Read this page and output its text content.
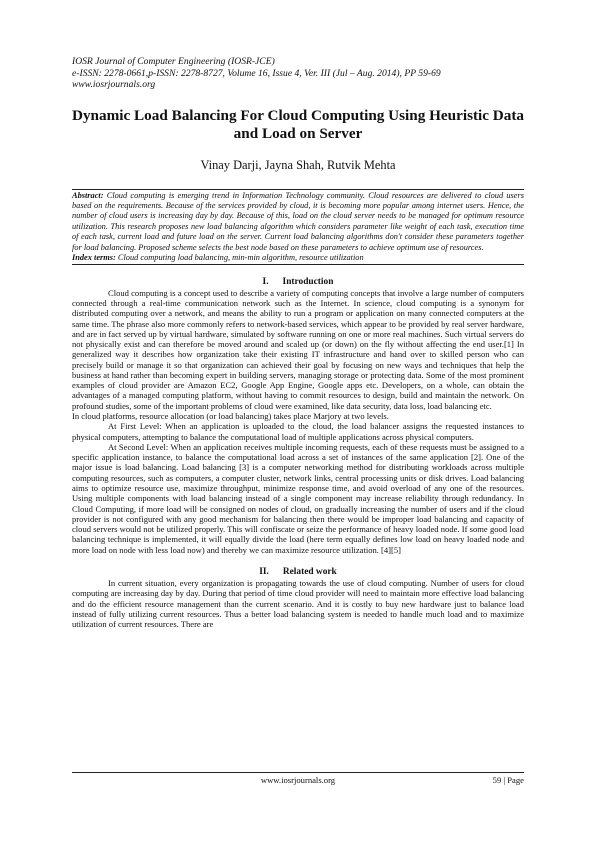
IOSR Journal of Computer Engineering (IOSR-JCE)
e-ISSN: 2278-0661,p-ISSN: 2278-8727, Volume 16, Issue 4, Ver. III (Jul – Aug. 2014), PP 59-69
www.iosrjournals.org
Dynamic Load Balancing For Cloud Computing Using Heuristic Data and Load on Server
Vinay Darji, Jayna Shah, Rutvik Mehta
Abstract: Cloud computing is emerging trend in Information Technology community. Cloud resources are delivered to cloud users based on the requirements. Because of the services provided by cloud, it is becoming more popular among internet users. Hence, the number of cloud users is increasing day by day. Because of this, load on the cloud server needs to be managed for optimum resource utilization. This research proposes new load balancing algorithm which considers parameter like weight of each task, execution time of each task, current load and future load on the server. Current load balancing algorithms don't consider these parameters together for load balancing. Proposed scheme selects the best node based on these parameters to achieve optimum use of resources.
Index terms: Cloud computing load balancing, min-min algorithm, resource utilization
I. Introduction

Cloud computing is a concept used to describe a variety of computing concepts that involve a large number of computers connected through a real-time communication network such as the Internet. In science, cloud computing is a synonym for distributed computing over a network, and means the ability to run a program or application on many connected computers at the same time. The phrase also more commonly refers to network-based services, which appear to be provided by real server hardware, and are in fact served up by virtual hardware, simulated by software running on one or more real machines. Such virtual servers do not physically exist and can therefore be moved around and scaled up (or down) on the fly without affecting the end user.[1] In generalized way it describes how organization take their existing IT infrastructure and hand over to skilled person who can precisely build or manage it so that organization can achieved their goal by focusing on new ways and techniques that help the business at hand rather than becoming expert in building servers, managing storage or protecting data. Some of the most prominent examples of cloud provider are Amazon EC2, Google App Engine, Google apps etc. Developers, on a whole, can obtain the advantages of a managed computing platform, without having to commit resources to design, build and maintain the network. On profound studies, some of the important problems of cloud were examined, like data security, data loss, load balancing etc.

In cloud platforms, resource allocation (or load balancing) takes place Marjory at two levels.

At First Level: When an application is uploaded to the cloud, the load balancer assigns the requested instances to physical computers, attempting to balance the computational load of multiple applications across physical computers.

At Second Level: When an application receives multiple incoming requests, each of these requests must be assigned to a specific application instance, to balance the computational load across a set of instances of the same application [2]. One of the major issue is load balancing. Load balancing [3] is a computer networking method for distributing workloads across multiple computing resources, such as computers, a computer cluster, network links, central processing units or disk drives. Load balancing aims to optimize resource use, maximize throughput, minimize response time, and avoid overload of any one of the resources. Using multiple components with load balancing instead of a single component may increase reliability through redundancy. In Cloud Computing, if more load will be consigned on nodes of cloud, on gradually increasing the number of users and if the cloud provider is not configured with any good mechanism for balancing then there would be improper load balancing and capacity of cloud servers would not be utilized properly. This will confiscate or seize the performance of heavy loaded node. If some good load balancing technique is implemented, it will equally divide the load (here term equally defines low load on heavy loaded node and more load on node with less load now) and thereby we can maximize resource utilization. [4][5]

II. Related work

In current situation, every organization is propagating towards the use of cloud computing. Number of users for cloud computing are increasing day by day. During that period of time cloud provider will need to maintain more effective load balancing and do the efficient resource management than the current scenario. And it is costly to buy new hardware just to balance load instead of fully utilizing current resources. Thus a better load balancing system is needed to handle much load and to maximize utilization of current resources. There are

www.iosrjournals.org	59 | Page
